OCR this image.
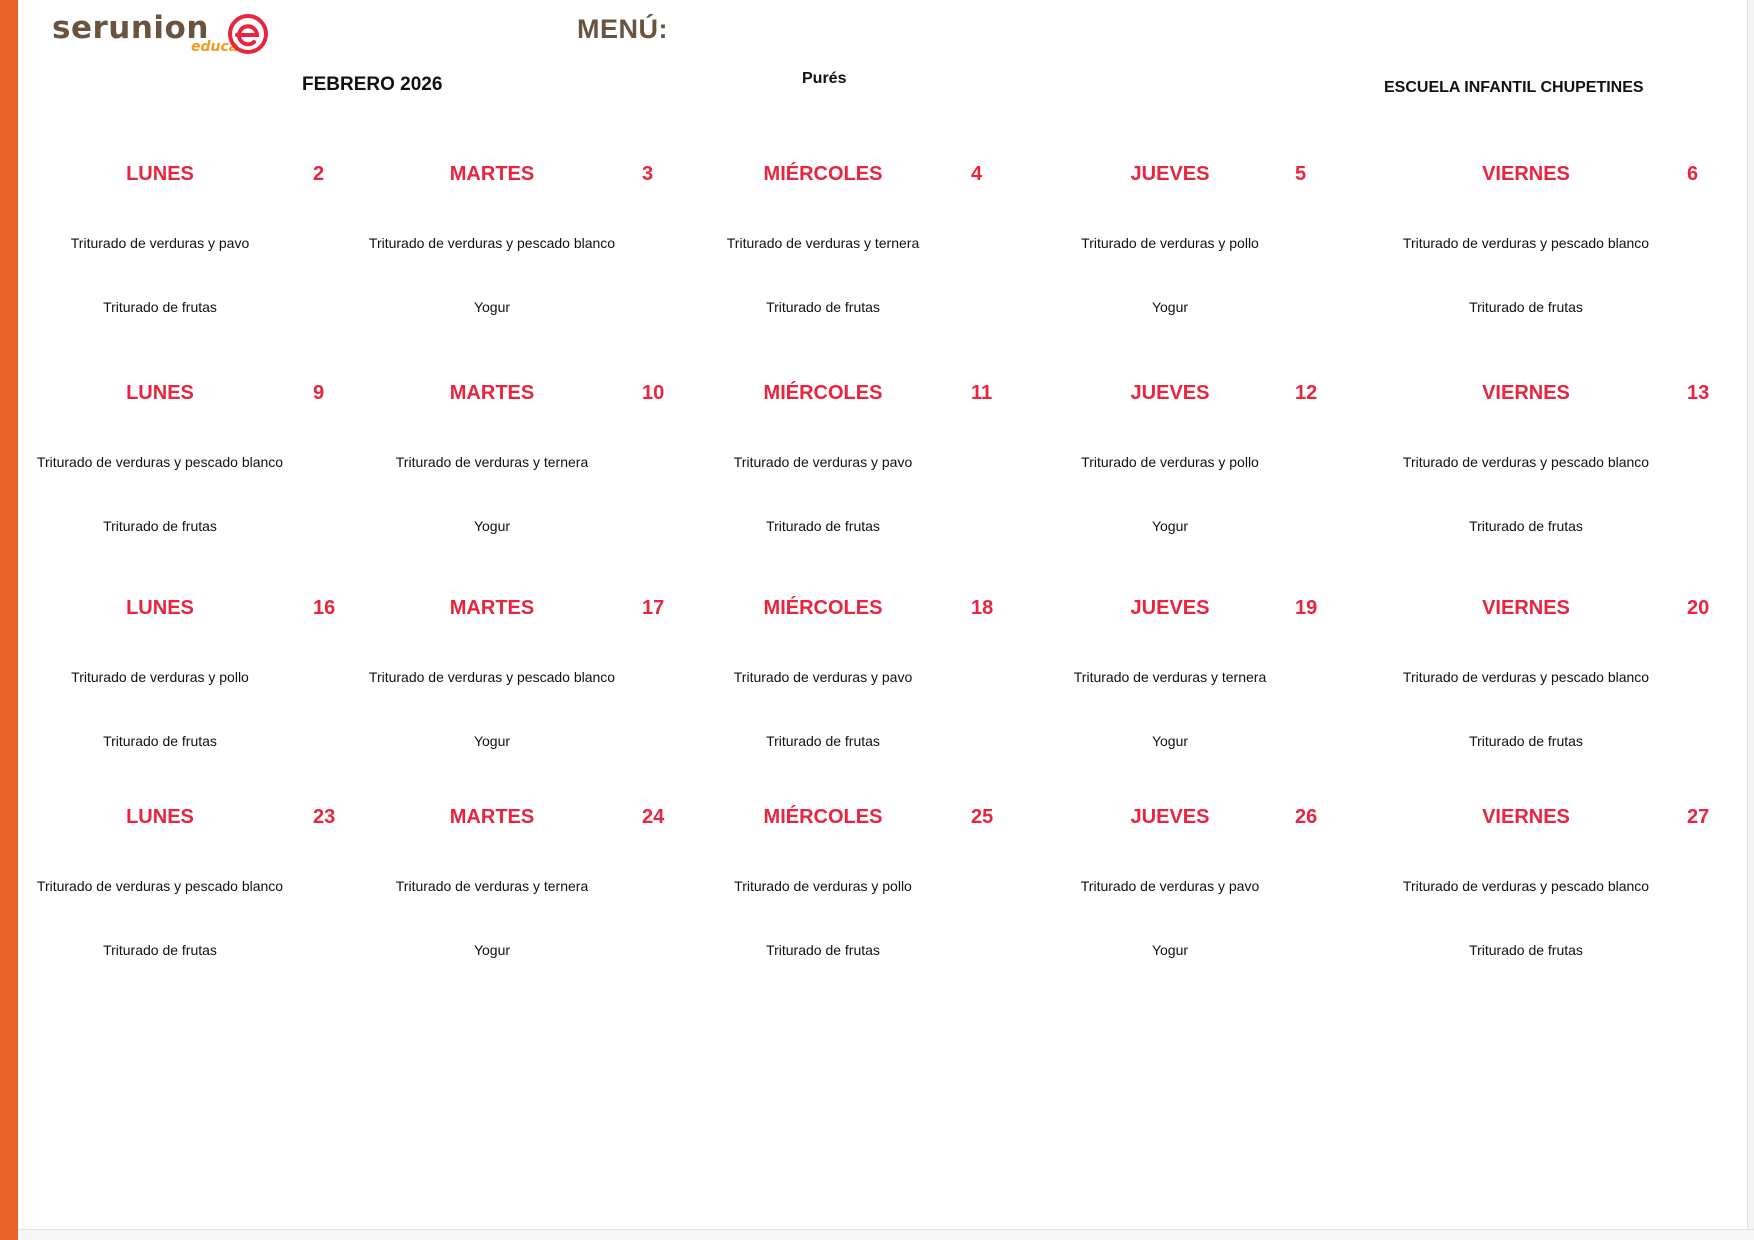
serunion
educa
MENÚ:
FEBRERO 2026	Purés
ESCUELA INFANTIL CHUPETINES
LUNES	2
Triturado de verduras y pavo
Triturado de frutas
MARTES	3
Triturado de verduras y pescado blanco
Yogur
MIÉRCOLES	4
Triturado de verduras y ternera
Triturado de frutas
JUEVES	5
Triturado de verduras y pollo
Yogur
VIERNES	6
Triturado de verduras y pescado blanco
Triturado de frutas
LUNES	9
Triturado de verduras y pescado blanco
Triturado de frutas
MARTES	10
Triturado de verduras y ternera
Yogur
MIÉRCOLES	11
Triturado de verduras y pavo
Triturado de frutas
JUEVES	12
Triturado de verduras y pollo
Yogur
VIERNES	13
Triturado de verduras y pescado blanco
Triturado de frutas
LUNES	16
Triturado de verduras y pollo
Triturado de frutas
MARTES	17
Triturado de verduras y pescado blanco
Yogur
MIÉRCOLES	18
Triturado de verduras y pavo
Triturado de frutas
JUEVES	19
Triturado de verduras y ternera
Yogur
VIERNES	20
Triturado de verduras y pescado blanco
Triturado de frutas
LUNES	23
Triturado de verduras y pescado blanco
Triturado de frutas
MARTES	24
Triturado de verduras y ternera
Yogur
MIÉRCOLES	25
Triturado de verduras y pollo
Triturado de frutas
JUEVES	26
Triturado de verduras y pavo
Yogur
VIERNES	27
Triturado de verduras y pescado blanco
Triturado de frutas
